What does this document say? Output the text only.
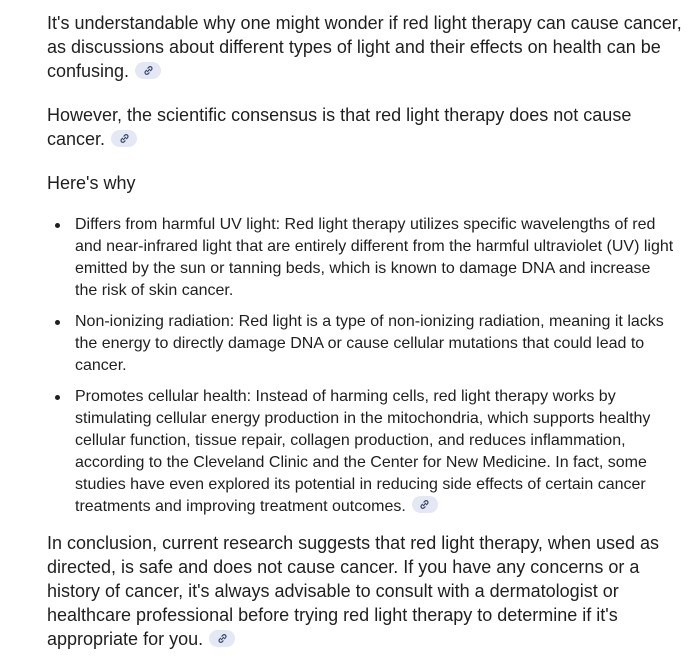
It's understandable why one might wonder if red light therapy can cause cancer, as discussions about different types of light and their effects on health can be confusing.

However, the scientific consensus is that red light therapy does not cause cancer.

Here's why

Differs from harmful UV light: Red light therapy utilizes specific wavelengths of red and near-infrared light that are entirely different from the harmful ultraviolet (UV) light emitted by the sun or tanning beds, which is known to damage DNA and increase the risk of skin cancer.
Non-ionizing radiation: Red light is a type of non-ionizing radiation, meaning it lacks the energy to directly damage DNA or cause cellular mutations that could lead to cancer.
Promotes cellular health: Instead of harming cells, red light therapy works by stimulating cellular energy production in the mitochondria, which supports healthy cellular function, tissue repair, collagen production, and reduces inflammation, according to the Cleveland Clinic and the Center for New Medicine. In fact, some studies have even explored its potential in reducing side effects of certain cancer treatments and improving treatment outcomes.

In conclusion, current research suggests that red light therapy, when used as directed, is safe and does not cause cancer. If you have any concerns or a history of cancer, it's always advisable to consult with a dermatologist or healthcare professional before trying red light therapy to determine if it's appropriate for you.
